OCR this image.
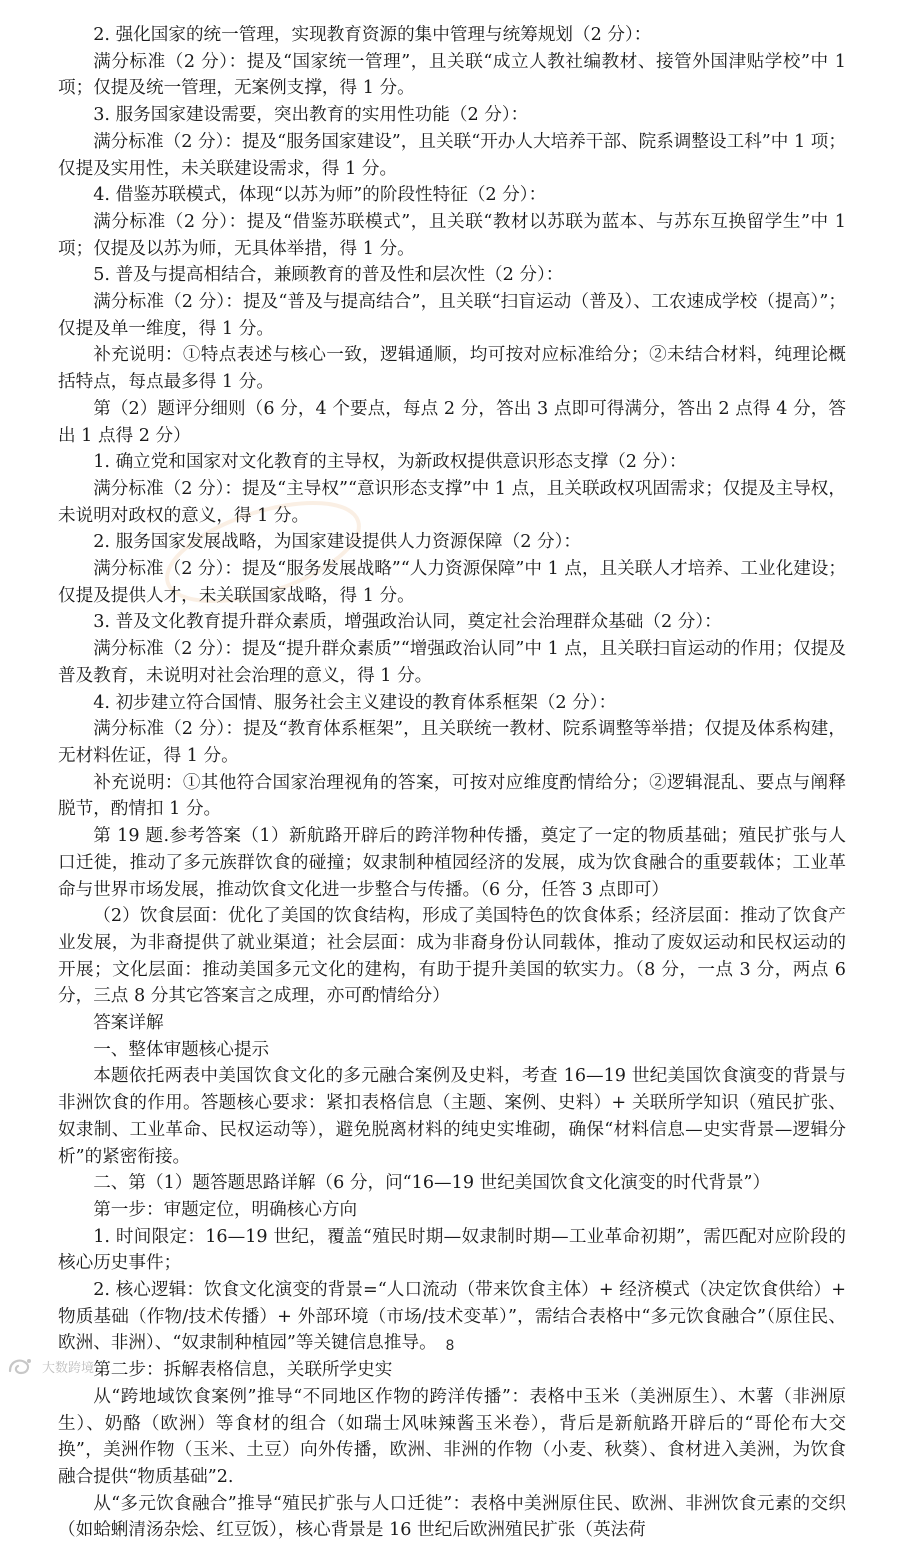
2. 强化国家的统一管理，实现教育资源的集中管理与统筹规划（2 分）：

满分标准（2 分）：提及“国家统一管理”，且关联“成立人教社编教材、接管外国津贴学校”中 1 项；仅提及统一管理，无案例支撑，得 1 分。

3. 服务国家建设需要，突出教育的实用性功能（2 分）：

满分标准（2 分）：提及“服务国家建设”，且关联“开办人大培养干部、院系调整设工科”中 1 项；仅提及实用性，未关联建设需求，得 1 分。

4. 借鉴苏联模式，体现“以苏为师”的阶段性特征（2 分）：

满分标准（2 分）：提及“借鉴苏联模式”，且关联“教材以苏联为蓝本、与苏东互换留学生”中 1 项；仅提及以苏为师，无具体举措，得 1 分。

5. 普及与提高相结合，兼顾教育的普及性和层次性（2 分）：

满分标准（2 分）：提及“普及与提高结合”，且关联“扫盲运动（普及）、工农速成学校（提高）”；仅提及单一维度，得 1 分。

补充说明：①特点表述与核心一致，逻辑通顺，均可按对应标准给分；②未结合材料，纯理论概括特点，每点最多得 1 分。

第（2）题评分细则（6 分，4 个要点，每点 2 分，答出 3 点即可得满分，答出 2 点得 4 分，答出 1 点得 2 分）

1. 确立党和国家对文化教育的主导权，为新政权提供意识形态支撑（2 分）：

满分标准（2 分）：提及“主导权”“意识形态支撑”中 1 点，且关联政权巩固需求；仅提及主导权，未说明对政权的意义，得 1 分。

2. 服务国家发展战略，为国家建设提供人力资源保障（2 分）：

满分标准（2 分）：提及“服务发展战略”“人力资源保障”中 1 点，且关联人才培养、工业化建设；仅提及提供人才，未关联国家战略，得 1 分。

3. 普及文化教育提升群众素质，增强政治认同，奠定社会治理群众基础（2 分）：

满分标准（2 分）：提及“提升群众素质”“增强政治认同”中 1 点，且关联扫盲运动的作用；仅提及普及教育，未说明对社会治理的意义，得 1 分。

4. 初步建立符合国情、服务社会主义建设的教育体系框架（2 分）：

满分标准（2 分）：提及“教育体系框架”，且关联统一教材、院系调整等举措；仅提及体系构建，无材料佐证，得 1 分。

补充说明：①其他符合国家治理视角的答案，可按对应维度酌情给分；②逻辑混乱、要点与阐释脱节，酌情扣 1 分。

第 19 题.参考答案（1）新航路开辟后的跨洋物种传播，奠定了一定的物质基础；殖民扩张与人口迁徙，推动了多元族群饮食的碰撞；奴隶制种植园经济的发展，成为饮食融合的重要载体；工业革命与世界市场发展，推动饮食文化进一步整合与传播。（6 分，任答 3 点即可）

（2）饮食层面：优化了美国的饮食结构，形成了美国特色的饮食体系；经济层面：推动了饮食产业发展，为非裔提供了就业渠道；社会层面：成为非裔身份认同载体，推动了废奴运动和民权运动的开展；文化层面：推动美国多元文化的建构，有助于提升美国的软实力。（8 分，一点 3 分，两点 6 分，三点 8 分其它答案言之成理，亦可酌情给分）

答案详解

一、整体审题核心提示

本题依托两表中美国饮食文化的多元融合案例及史料，考查 16—19 世纪美国饮食演变的背景与非洲饮食的作用。答题核心要求：紧扣表格信息（主题、案例、史料）+ 关联所学知识（殖民扩张、奴隶制、工业革命、民权运动等），避免脱离材料的纯史实堆砌，确保“材料信息—史实背景—逻辑分析”的紧密衔接。

二、第（1）题答题思路详解（6 分，问“16—19 世纪美国饮食文化演变的时代背景”）

第一步：审题定位，明确核心方向

1. 时间限定：16—19 世纪，覆盖“殖民时期—奴隶制时期—工业革命初期”，需匹配对应阶段的核心历史事件；

2. 核心逻辑：饮食文化演变的背景=“人口流动（带来饮食主体）+ 经济模式（决定饮食供给）+ 物质基础（作物/技术传播）+ 外部环境（市场/技术变革）”，需结合表格中“多元饮食融合”（原住民、欧洲、非洲）、“奴隶制种植园”等关键信息推导。

第二步：拆解表格信息，关联所学史实

从“跨地域饮食案例”推导“不同地区作物的跨洋传播”：表格中玉米（美洲原生）、木薯（非洲原生）、奶酪（欧洲）等食材的组合（如瑞士风味辣酱玉米卷），背后是新航路开辟后的“哥伦布大交换”，美洲作物（玉米、土豆）向外传播，欧洲、非洲的作物（小麦、秋葵）、食材进入美洲，为饮食融合提供“物质基础”2.

从“多元饮食融合”推导“殖民扩张与人口迁徙”：表格中美洲原住民、欧洲、非洲饮食元素的交织（如蛤蜊清汤杂烩、红豆饭），核心背景是 16 世纪后欧洲殖民扩张（英法荷

8
大数跨境
